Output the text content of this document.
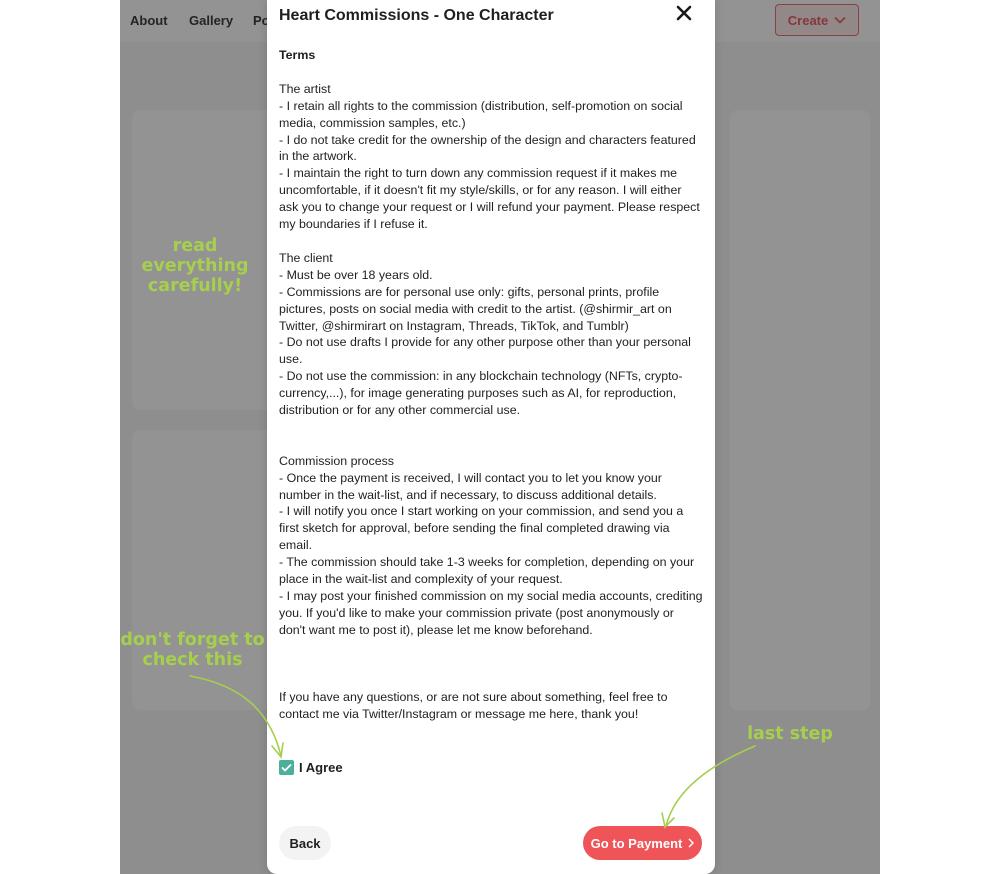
Heart Commissions - One Character

Terms

The artist
- I retain all rights to the commission (distribution, self-promotion on social media, commission samples, etc.)
- I do not take credit for the ownership of the design and characters featured in the artwork.
- I maintain the right to turn down any commission request if it makes me uncomfortable, if it doesn't fit my style/skills, or for any reason. I will either ask you to change your request or I will refund your payment. Please respect my boundaries if I refuse it.

The client
- Must be over 18 years old.
- Commissions are for personal use only: gifts, personal prints, profile pictures, posts on social media with credit to the artist. (@shirmir_art on Twitter, @shirmirart on Instagram, Threads, TikTok, and Tumblr)
- Do not use drafts I provide for any other purpose other than your personal use.
- Do not use the commission: in any blockchain technology (NFTs, crypto-currency,...), for image generating purposes such as AI, for reproduction, distribution or for any other commercial use.

Commission process
- Once the payment is received, I will contact you to let you know your number in the wait-list, and if necessary, to discuss additional details.
- I will notify you once I start working on your commission, and send you a first sketch for approval, before sending the final completed drawing via email.
- The commission should take 1-3 weeks for completion, depending on your place in the wait-list and complexity of your request.
- I may post your finished commission on my social media accounts, crediting you. If you'd like to make your commission private (post anonymously or don't want me to post it), please let me know beforehand.

If you have any questions, or are not sure about something, feel free to contact me via Twitter/Instagram or message me here, thank you!

I Agree
Back	Go to Payment
read everything
carefully!
don't forget to
check this
last step
